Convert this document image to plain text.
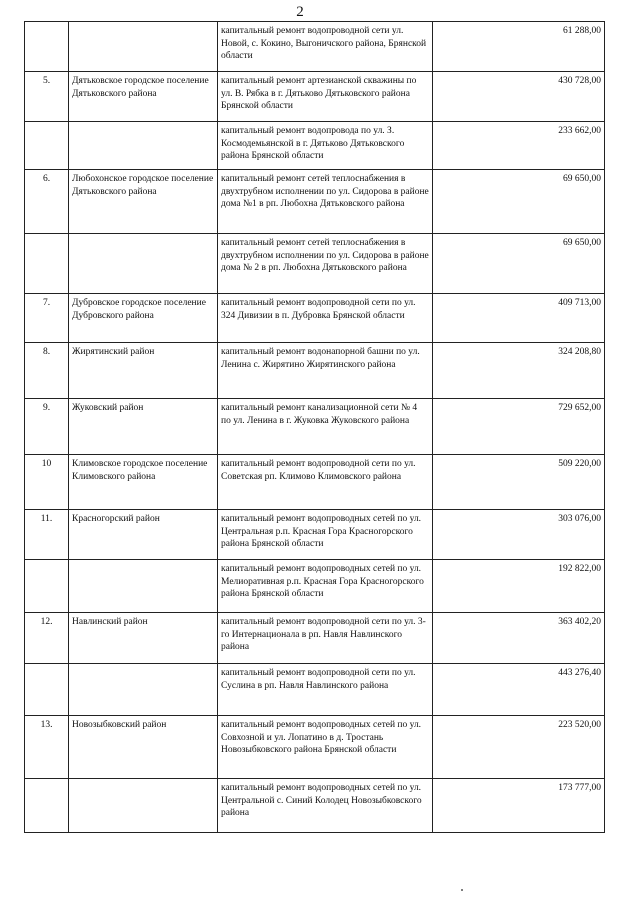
2
		капитальный ремонт водопроводной сети ул. Новой, с. Кокино, Выгоничского района, Брянской области	61 288,00
5.	Дятьковское городское поселение Дятьковского района	капитальный ремонт артезианской скважины по ул. В. Рябка в г. Дятьково Дятьковского района Брянской области	430 728,00
		капитальный ремонт водопровода по ул. З. Космодемьянской в г. Дятьково Дятьковского района Брянской области	233 662,00
6.	Любохонское городское поселение Дятьковского района	капитальный ремонт сетей теплоснабжения в двухтрубном исполнении по ул. Сидорова в районе дома №1 в рп. Любохна Дятьковского района	69 650,00
		капитальный ремонт сетей теплоснабжения в двухтрубном исполнении по ул. Сидорова в районе дома № 2 в рп. Любохна Дятьковского района	69 650,00
7.	Дубровское городское поселение Дубровского района	капитальный ремонт водопроводной сети по ул. 324 Дивизии в п. Дубровка Брянской области	409 713,00
8.	Жирятинский район	капитальный ремонт водонапорной башни по ул. Ленина с. Жирятино Жирятинского района	324 208,80
9.	Жуковский район	капитальный ремонт канализационной сети № 4 по ул. Ленина в г. Жуковка Жуковского района	729 652,00
10	Климовское городское поселение Климовского района	капитальный ремонт водопроводной сети по ул. Советская рп. Климово Климовского района	509 220,00
11.	Красногорский район	капитальный ремонт водопроводных сетей по ул. Центральная р.п. Красная Гора Красногорского района Брянской области	303 076,00
		капитальный ремонт водопроводных сетей по ул. Мелиоративная р.п. Красная Гора Красногорского района Брянской области	192 822,00
12.	Навлинский район	капитальный ремонт водопроводной сети по ул. 3-го Интернационала в рп. Навля Навлинского района	363 402,20
		капитальный ремонт водопроводной сети по ул. Суслина в рп. Навля Навлинского района	443 276,40
13.	Новозыбковский район	капитальный ремонт водопроводных сетей по ул. Совхозной и ул. Лопатино в д. Тростань Новозыбковского района Брянской области	223 520,00
		капитальный ремонт водопроводных сетей по ул. Центральной с. Синий Колодец Новозыбковского района	173 777,00
